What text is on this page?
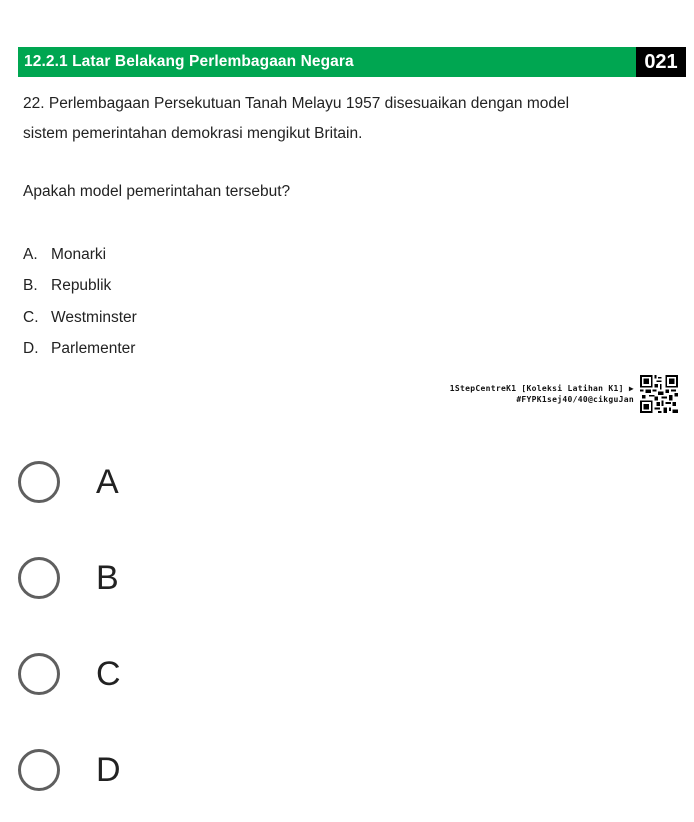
12.2.1 Latar Belakang Perlembagaan Negara	021
22. Perlembagaan Persekutuan Tanah Melayu 1957 disesuaikan dengan model
sistem pemerintahan demokrasi mengikut Britain.
Apakah model pemerintahan tersebut?
A. Monarki
B. Republik
C. Westminster
D. Parlementer
1StepCentreK1 [Koleksi Latihan K1] ▶
#FYPK1sej40/40@cikguJan
A
B
C
D
